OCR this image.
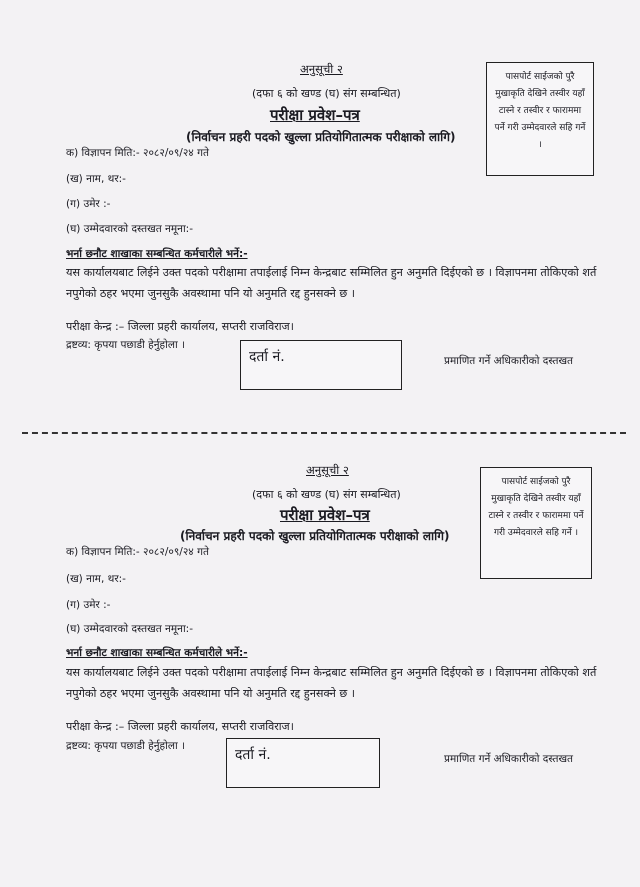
अनुसूची २
(दफा ६ को खण्ड (घ) संग सम्बन्धित)
परीक्षा प्रवेश–पत्र
(निर्वाचन प्रहरी पदको खुल्ला प्रतियोगितात्मक परीक्षाको लागि)
पासपोर्ट साईजको पुरै मुखाकृति देखिने तस्वीर यहाँ टास्ने र तस्वीर र फाराममा पर्ने गरी उम्मेदवारले सहि गर्ने ।
क) विज्ञापन मिति:- २०८२/०९/२४ गते
(ख) नाम, थर:-
(ग) उमेर :-
(घ) उम्मेदवारको दस्तखत नमूना:-
भर्ना छनौट शाखाका सम्बन्धित कर्मचारीले भर्ने:-
यस कार्यालयबाट लिईने उक्त पदको परीक्षामा तपाईलाई निम्न केन्द्रबाट सम्मिलित हुन अनुमति दिईएको छ । विज्ञापनमा तोकिएको शर्त नपुगेको ठहर भएमा जुनसुकै अवस्थामा पनि यो अनुमति रद्द हुनसक्ने छ ।
परीक्षा केन्द्र :– जिल्ला प्रहरी कार्यालय, सप्तरी राजविराज।
द्रष्टव्य: कृपया पछाडी हेर्नुहोला ।
दर्ता नं.	प्रमाणित गर्ने अधिकारीको दस्तखत
अनुसूची २
(दफा ६ को खण्ड (घ) संग सम्बन्धित)
परीक्षा प्रवेश–पत्र
(निर्वाचन प्रहरी पदको खुल्ला प्रतियोगितात्मक परीक्षाको लागि)
पासपोर्ट साईजको पुरै मुखाकृति देखिने तस्वीर यहाँ टास्ने र तस्वीर र फाराममा पर्ने गरी उम्मेदवारले सहि गर्ने ।
क) विज्ञापन मिति:- २०८२/०९/२४ गते
(ख) नाम, थर:-
(ग) उमेर :-
(घ) उम्मेदवारको दस्तखत नमूना:-
भर्ना छनौट शाखाका सम्बन्धित कर्मचारीले भर्ने:-
यस कार्यालयबाट लिईने उक्त पदको परीक्षामा तपाईलाई निम्न केन्द्रबाट सम्मिलित हुन अनुमति दिईएको छ । विज्ञापनमा तोकिएको शर्त नपुगेको ठहर भएमा जुनसुकै अवस्थामा पनि यो अनुमति रद्द हुनसक्ने छ ।
परीक्षा केन्द्र :– जिल्ला प्रहरी कार्यालय, सप्तरी राजविराज।
द्रष्टव्य: कृपया पछाडी हेर्नुहोला ।
दर्ता नं.	प्रमाणित गर्ने अधिकारीको दस्तखत
